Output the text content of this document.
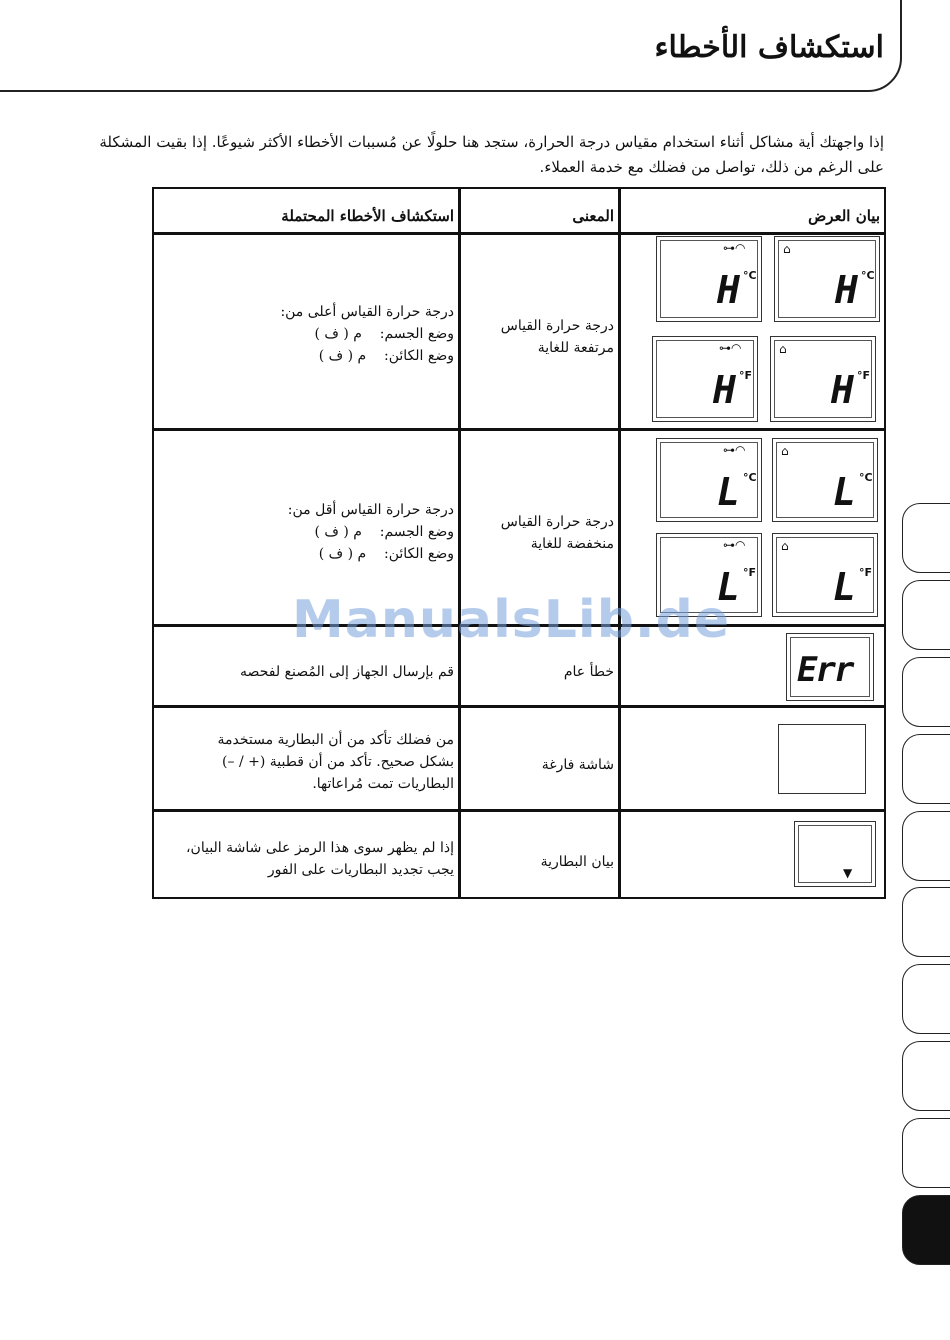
استكشاف الأخطاء
إذا واجهتك أية مشاكل أثناء استخدام مقياس درجة الحرارة، ستجد هنا حلولًا عن مُسببات الأخطاء الأكثر شيوعًا. إذا بقيت المشكلة
على الرغم من ذلك، تواصل من فضلك مع خدمة العملاء.
بيان العرض
المعنى
استكشاف الأخطاء المحتملة
درجة حرارة القياس
مرتفعة للغاية
درجة حرارة القياس أعلى من:
وضع الجسم:    م ( ف )
وضع الكائن:    م ( ف )
درجة حرارة القياس
منخفضة للغاية
درجة حرارة القياس أقل من:
وضع الجسم:    م ( ف )
وضع الكائن:    م ( ف )
خطأ عام
قم بإرسال الجهاز إلى المُصنع لفحصه
شاشة فارغة
من فضلك تأكد من أن البطارية مستخدمة
بشكل صحيح. تأكد من أن قطبية (+ / –)
البطاريات تمت مُراعاتها.
بيان البطارية
إذا لم يظهر سوى هذا الرمز على شاشة البيان،
يجب تجديد البطاريات على الفور
⊶◠
H °C
⌂
H °C
⊶◠
H °F
⌂
H °F
⊶◠
L °C
⌂
L °C
⊶◠
L °F
⌂
L °F
Err
▼
ManualsLib.de
